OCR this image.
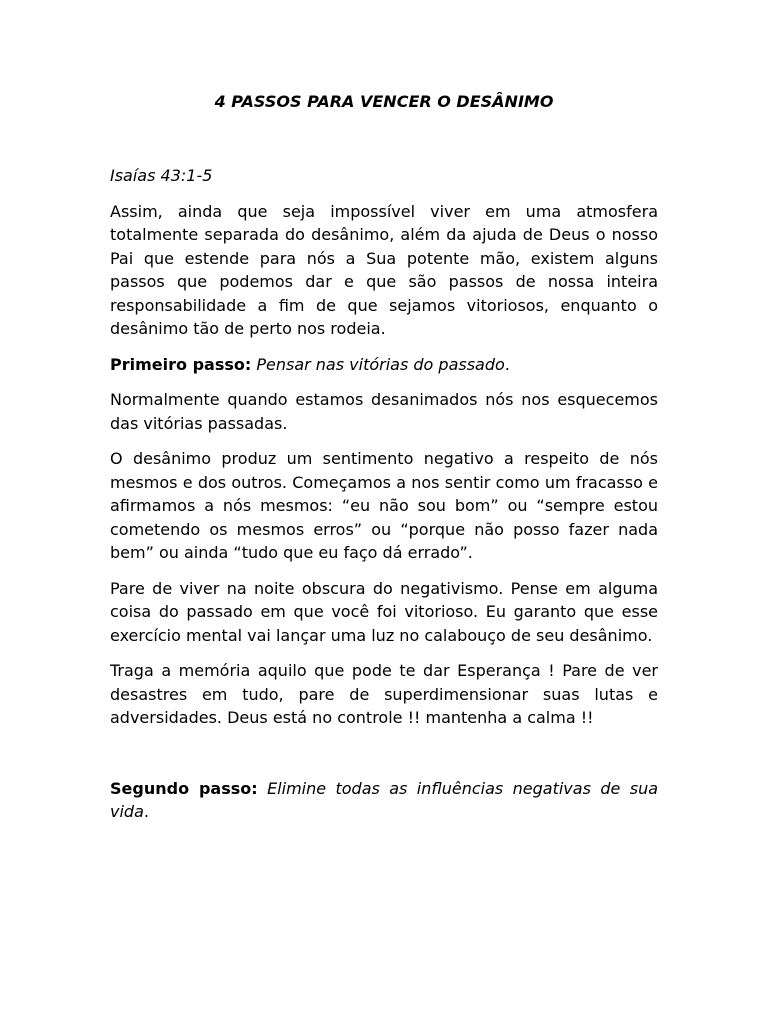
4 PASSOS PARA VENCER O DESÂNIMO

Isaías 43:1-5

Assim, ainda que seja impossível viver em uma atmosfera totalmente separada do desânimo, além da ajuda de Deus o nosso Pai que estende para nós a Sua potente mão, existem alguns passos que podemos dar e que são passos de nossa inteira responsabilidade a fim de que sejamos vitoriosos, enquanto o desânimo tão de perto nos rodeia.

Primeiro passo: Pensar nas vitórias do passado.

Normalmente quando estamos desanimados nós nos esquecemos das vitórias passadas.

O desânimo produz um sentimento negativo a respeito de nós mesmos e dos outros. Começamos a nos sentir como um fracasso e afirmamos a nós mesmos: “eu não sou bom” ou “sempre estou cometendo os mesmos erros” ou “porque não posso fazer nada bem” ou ainda “tudo que eu faço dá errado”.

Pare de viver na noite obscura do negativismo. Pense em alguma coisa do passado em que você foi vitorioso. Eu garanto que esse exercício mental vai lançar uma luz no calabouço de seu desânimo.

Traga a memória aquilo que pode te dar Esperança ! Pare de ver desastres em tudo, pare de superdimensionar suas lutas e adversidades. Deus está no controle !! mantenha a calma !!

Segundo passo: Elimine todas as influências negativas de sua vida.
